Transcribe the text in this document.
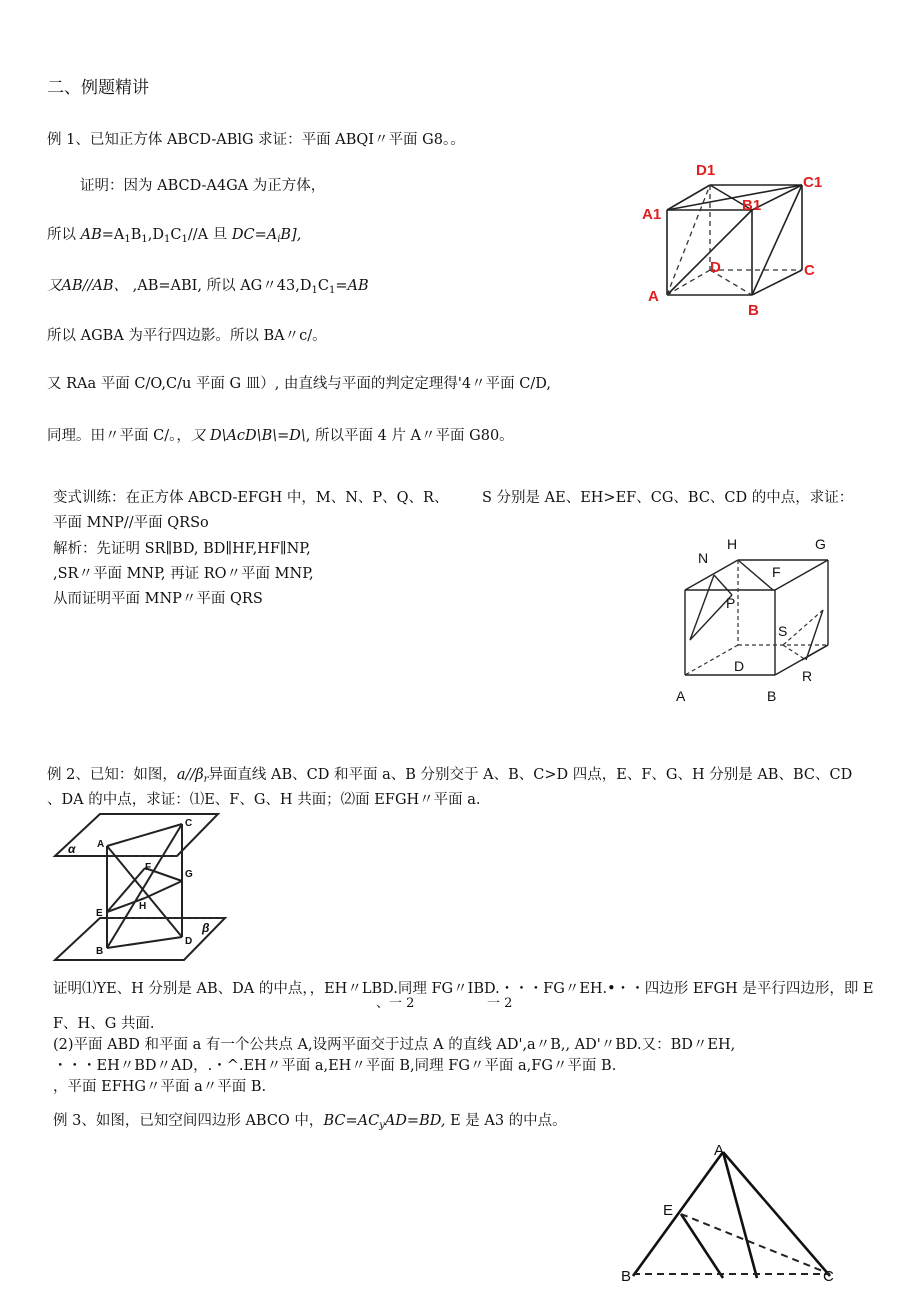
二、例题精讲
例 1、已知正方体 ABCD-ABlG 求证：平面 ABQI〃平面 G8。。
证明：因为 ABCD-A4GA 为正方体，
所以 $AB=A_1B_1,D_1C_1//A$ 旦 $DC=A_iB$],
又AB//AB、 ,AB=ABI, 所以 AG〃$43,D_1C_1=AB$
所以 AGBA 为平行四边影。所以 BA〃c/。
又 RAa 平面 C/O,C/u 平面 G 皿）, 由直线与平面的判定定理得'4〃平面 C/D,
同理。田〃平面 C/。，又 D\AcD\B\=D\, 所以平面 4 片 A〃平面 G80。
D1
C1
A1
B1
D	C
A
B
变式训练：在正方体 ABCD-EFGH 中，M、N、P、Q、R、 S 分别是 AE、EH>EF、CG、BC、CD 的中点，求证：
平面 MNP//平面 QRSo
解析：先证明 SR∥BD, BD∥HF,HF∥NP,
,SR〃平面 MNP, 再证 RO〃平面 MNP,
从而证明平面 MNP〃平面 QRS
H	G
N
F
P
S
D
R
A	B
例 2、已知：如图，$a//\beta_r$异面直线 AB、CD 和平面 a、B 分别交于 A、B、C>D 四点，E、F、G、H 分别是 AB、BC、CD
、DA 的中点，求证：⑴E、F、G、H 共面；⑵面 EFGH〃平面 a.
α
β
A
C
F
G
E
H
B
D
证明⑴YE、H 分别是 AB、DA 的中点，，EH〃LBD.同理 FG〃IBD.・・・FG〃EH.•・・四边形 EFGH 是平行四边形，即 E
、一 2	一 2
F、H、G 共面.
(2)平面 ABD 和平面 a 有一个公共点 A,设两平面交于过点 A 的直线 AD',a〃B,, AD'〃BD.又：BD〃EH,
・・・EH〃BD〃AD，.・^.EH〃平面 a,EH〃平面 B,同理 FG〃平面 a,FG〃平面 B.
，平面 EFHG〃平面 a〃平面 B.
例 3、如图，已知空间四边形 ABCO 中，$BC=AC_yAD=BD$, E 是 A3 的中点。
A
E
B	C
